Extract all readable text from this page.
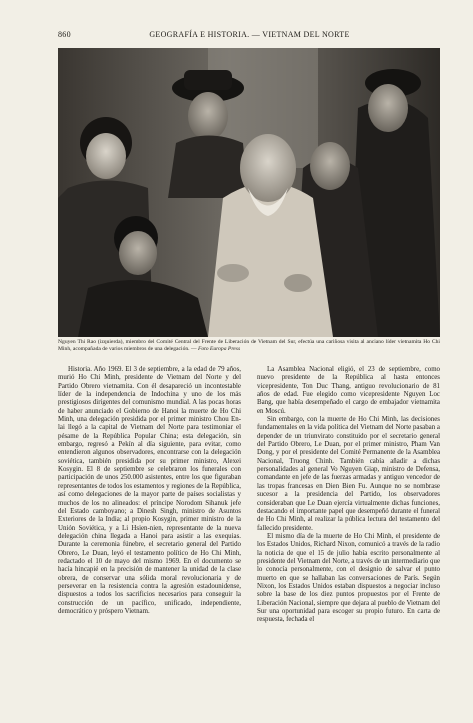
860	GEOGRAFÍA E HISTORIA. — VIETNAM DEL NORTE
Nguyen Thi Rao (izquierda), miembro del Comité Central del Frente de Liberación de Vietnam del Sur, efectúa una cariñosa visita al anciano líder vietnamita Ho Chi Minh, acompañada de varios miembros de una delegación. — Foto Europa Press

Historia. Año 1969. El 3 de septiembre, a la edad de 79 años, murió Ho Chi Minh, presidente de Vietnam del Norte y del Partido Obrero vietnamita. Con él desapareció un incontestable líder de la independencia de Indochina y uno de los más prestigiosos dirigentes del comunismo mundial. A las pocas horas de haber anunciado el Gobierno de Hanoi la muerte de Ho Chi Minh, una delegación presidida por el primer ministro Chou En-lai llegó a la capital de Vietnam del Norte para testimoniar el pésame de la República Popular China; esta delegación, sin embargo, regresó a Pekín al día siguiente, para evitar, como entendieron algunos observadores, encontrarse con la delegación soviética, también presidida por su primer ministro, Alexei Kosygin. El 8 de septiembre se celebraron los funerales con participación de unos 250.000 asistentes, entre los que figuraban representantes de todos los estamentos y regiones de la República, así como delegaciones de la mayor parte de países socialistas y muchos de los no alineados: el príncipe Norodom Sihanuk jefe del Estado camboyano; a Dinesh Singh, ministro de Asuntos Exteriores de la India; al propio Kosygin, primer ministro de la Unión Soviética, y a Li Hsien-nien, representante de la nueva delegación china llegada a Hanoi para asistir a las exequias. Durante la ceremonia fúnebre, el secretario general del Partido Obrero, Le Duan, leyó el testamento político de Ho Chi Minh, redactado el 10 de mayo del mismo 1969. En el documento se hacía hincapié en la precisión de mantener la unidad de la clase obrera, de conservar una sólida moral revolucionaria y de perseverar en la resistencia contra la agresión estadounidense, dispuestos a todos los sacrificios necesarios para conseguir la construcción de un pacífico, unificado, independiente, democrático y próspero Vietnam.

La Asamblea Nacional eligió, el 23 de septiembre, como nuevo presidente de la República al hasta entonces vicepresidente, Ton Duc Thang, antiguo revolucionario de 81 años de edad. Fue elegido como vicepresidente Nguyen Loc Bang, que había desempeñado el cargo de embajador vietnamita en Moscú.

Sin embargo, con la muerte de Ho Chi Minh, las decisiones fundamentales en la vida política del Vietnam del Norte pasaban a depender de un triunvirato constituido por el secretario general del Partido Obrero, Le Duan, por el primer ministro, Pham Van Dong, y por el presidente del Comité Permanente de la Asamblea Nacional, Truong Chinh. También cabía añadir a dichas personalidades al general Vo Nguyen Giap, ministro de Defensa, comandante en jefe de las fuerzas armadas y antiguo vencedor de las tropas francesas en Dien Bien Fu. Aunque no se nombrase sucesor a la presidencia del Partido, los observadores consideraban que Le Duan ejercía virtualmente dichas funciones, destacando el importante papel que desempeñó durante el funeral de Ho Chi Minh, al realizar la pública lectura del testamento del fallecido presidente.

El mismo día de la muerte de Ho Chi Minh, el presidente de los Estados Unidos, Richard Nixon, comunicó a través de la radio la noticia de que el 15 de julio había escrito personalmente al presidente del Vietnam del Norte, a través de un intermediario que lo conocía personalmente, con el designio de salvar el punto muerto en que se hallaban las conversaciones de París. Según Nixon, los Estados Unidos estaban dispuestos a negociar incluso sobre la base de los diez puntos propuestos por el Frente de Liberación Nacional, siempre que dejara al pueblo de Vietnam del Sur una oportunidad para escoger su propio futuro. En carta de respuesta, fechada el
